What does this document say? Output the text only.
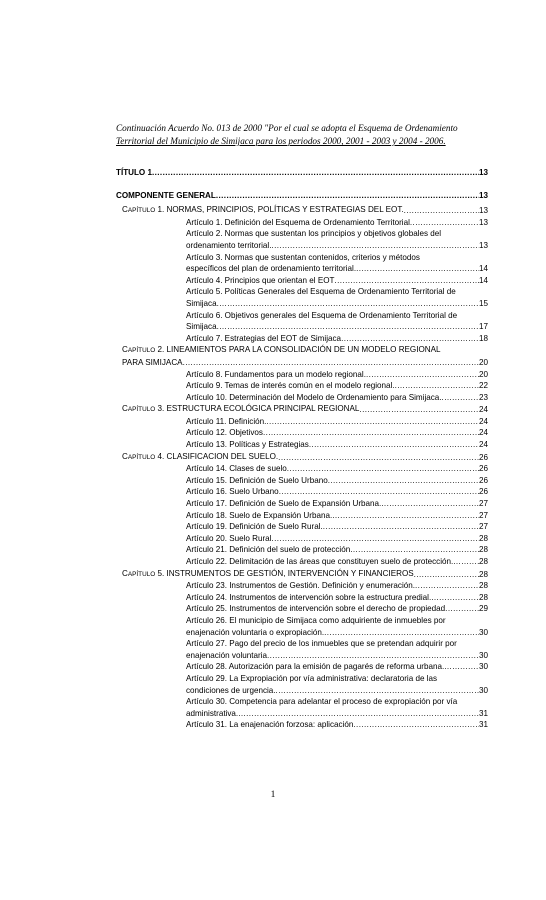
Continuación Acuerdo No. 013 de 2000 "Por el cual se adopta el Esquema de Ordenamiento
Territorial del Municipio de Simijaca para los periodos 2000, 2001 - 2003 y 2004 - 2006.
TÍTULO 1 .....	13
COMPONENTE GENERAL .....	13
CAPÍTULO 1. NORMAS, PRINCIPIOS, POLÍTICAS Y ESTRATEGIAS DEL EOT. .....	13
Artículo 1. Definición del Esquema de Ordenamiento Territorial .....	13
Artículo 2. Normas que sustentan los principios y objetivos globales del
ordenamiento territorial. .....	13
Artículo 3. Normas que sustentan contenidos, criterios y métodos
específicos del plan de ordenamiento territorial. .....	14
Artículo 4. Principios que orientan el EOT .....	14
Artículo 5. Políticas Generales del Esquema de Ordenamiento Territorial de
Simijaca .....	15
Artículo 6. Objetivos generales del Esquema de Ordenamiento Territorial de
Simijaca .....	17
Artículo 7. Estrategias del EOT de Simijaca .....	18
CAPÍTULO 2. LINEAMIENTOS PARA LA CONSOLIDACIÓN DE UN MODELO REGIONAL
PARA SIMIJACA .....	20
Artículo 8. Fundamentos para un modelo regional. .....	20
Artículo 9. Temas de interés común en el modelo regional. .....	22
Artículo 10. Determinación del Modelo de Ordenamiento para Simijaca. .....	23
CAPÍTULO 3. ESTRUCTURA ECOLÓGICA PRINCIPAL REGIONAL .....	24
Artículo 11. Definición. .....	24
Artículo 12. Objetivos .....	24
Artículo 13. Políticas y Estrategias .....	24
CAPÍTULO 4. CLASIFICACION DEL SUELO. .....	26
Artículo 14. Clases de suelo .....	26
Artículo 15. Definición de Suelo Urbano .....	26
Artículo 16. Suelo Urbano .....	26
Artículo 17. Definición de Suelo de Expansión Urbana. .....	27
Artículo 18. Suelo de Expansión Urbana. .....	27
Artículo 19. Definición de Suelo Rural. .....	27
Artículo 20. Suelo Rural .....	28
Artículo 21. Definición del suelo de protección .....	28
Artículo 22. Delimitación de las áreas que constituyen suelo de protección. .....	28
CAPÍTULO 5. INSTRUMENTOS DE GESTIÓN, INTERVENCIÓN Y FINANCIEROS .....	28
Artículo 23. Instrumentos de Gestión. Definición y enumeración. .....	28
Artículo 24. Instrumentos de intervención sobre la estructura predial. .....	28
Artículo 25. Instrumentos de intervención sobre el derecho de propiedad .....	29
Artículo 26. El municipio de Simijaca como adquiriente de inmuebles por
enajenación voluntaria o expropiación. .....	30
Artículo 27. Pago del precio de los inmuebles que se pretendan adquirir por
enajenación voluntaria .....	30
Artículo 28. Autorización para la emisión de pagarés de reforma urbana. .....	30
Artículo 29. La Expropiación por vía administrativa: declaratoria de las
condiciones de urgencia. .....	30
Artículo 30. Competencia para adelantar el proceso de expropiación por vía
administrativa. .....	31
Artículo 31. La enajenación forzosa: aplicación .....	31
1
